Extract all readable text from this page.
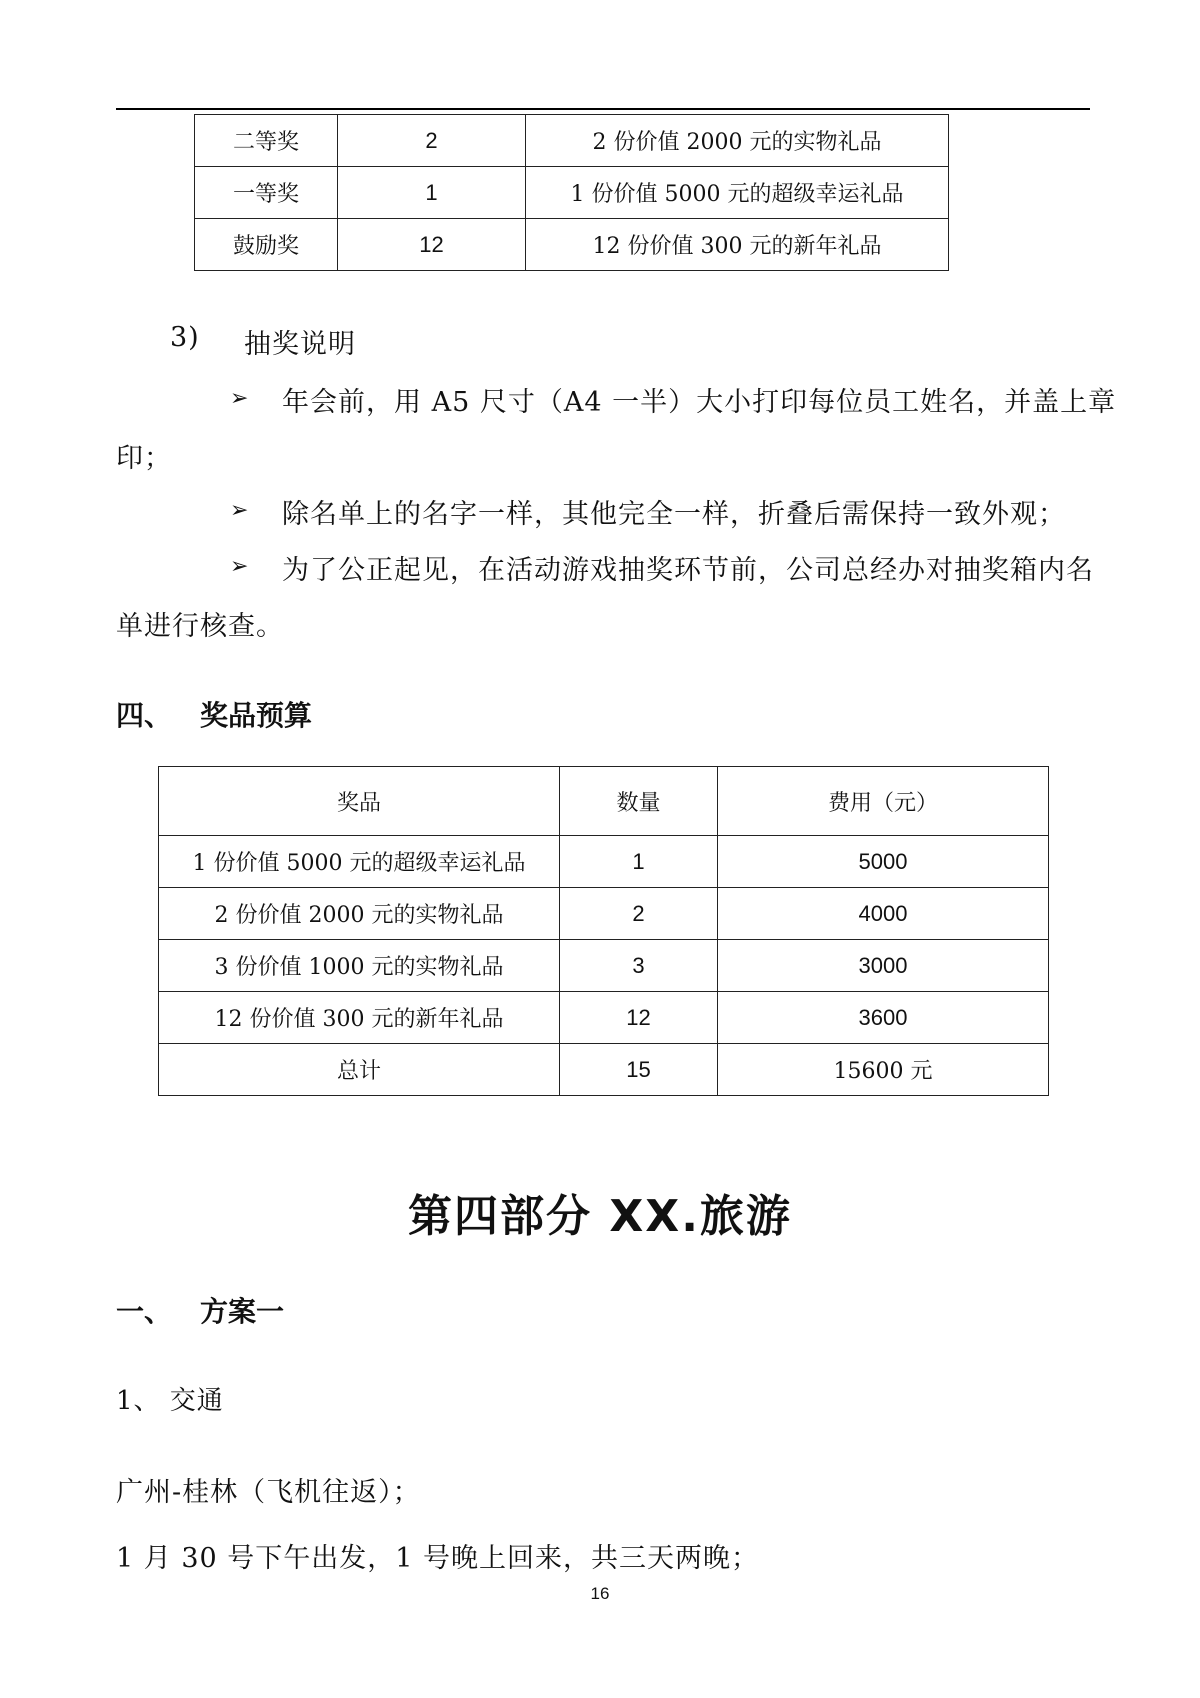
二等奖	2	2 份价值 2000 元的实物礼品
一等奖	1	1 份价值 5000 元的超级幸运礼品
鼓励奖	12	12 份价值 300 元的新年礼品
3) 抽奖说明
➢ 年会前，用 A5 尺寸（A4 一半）大小打印每位员工姓名，并盖上章
印；
➢ 除名单上的名字一样，其他完全一样，折叠后需保持一致外观；
➢ 为了公正起见，在活动游戏抽奖环节前，公司总经办对抽奖箱内名
单进行核查。
四、 奖品预算
奖品	数量	费用（元）
1 份价值 5000 元的超级幸运礼品	1	5000
2 份价值 2000 元的实物礼品	2	4000
3 份价值 1000 元的实物礼品	3	3000
12 份价值 300 元的新年礼品	12	3600
总计	15	15600 元
第四部分 XX.旅游
一、 方案一
1、 交通
广州-桂林（飞机往返）；
1 月 30 号下午出发，1 号晚上回来，共三天两晚；
16
